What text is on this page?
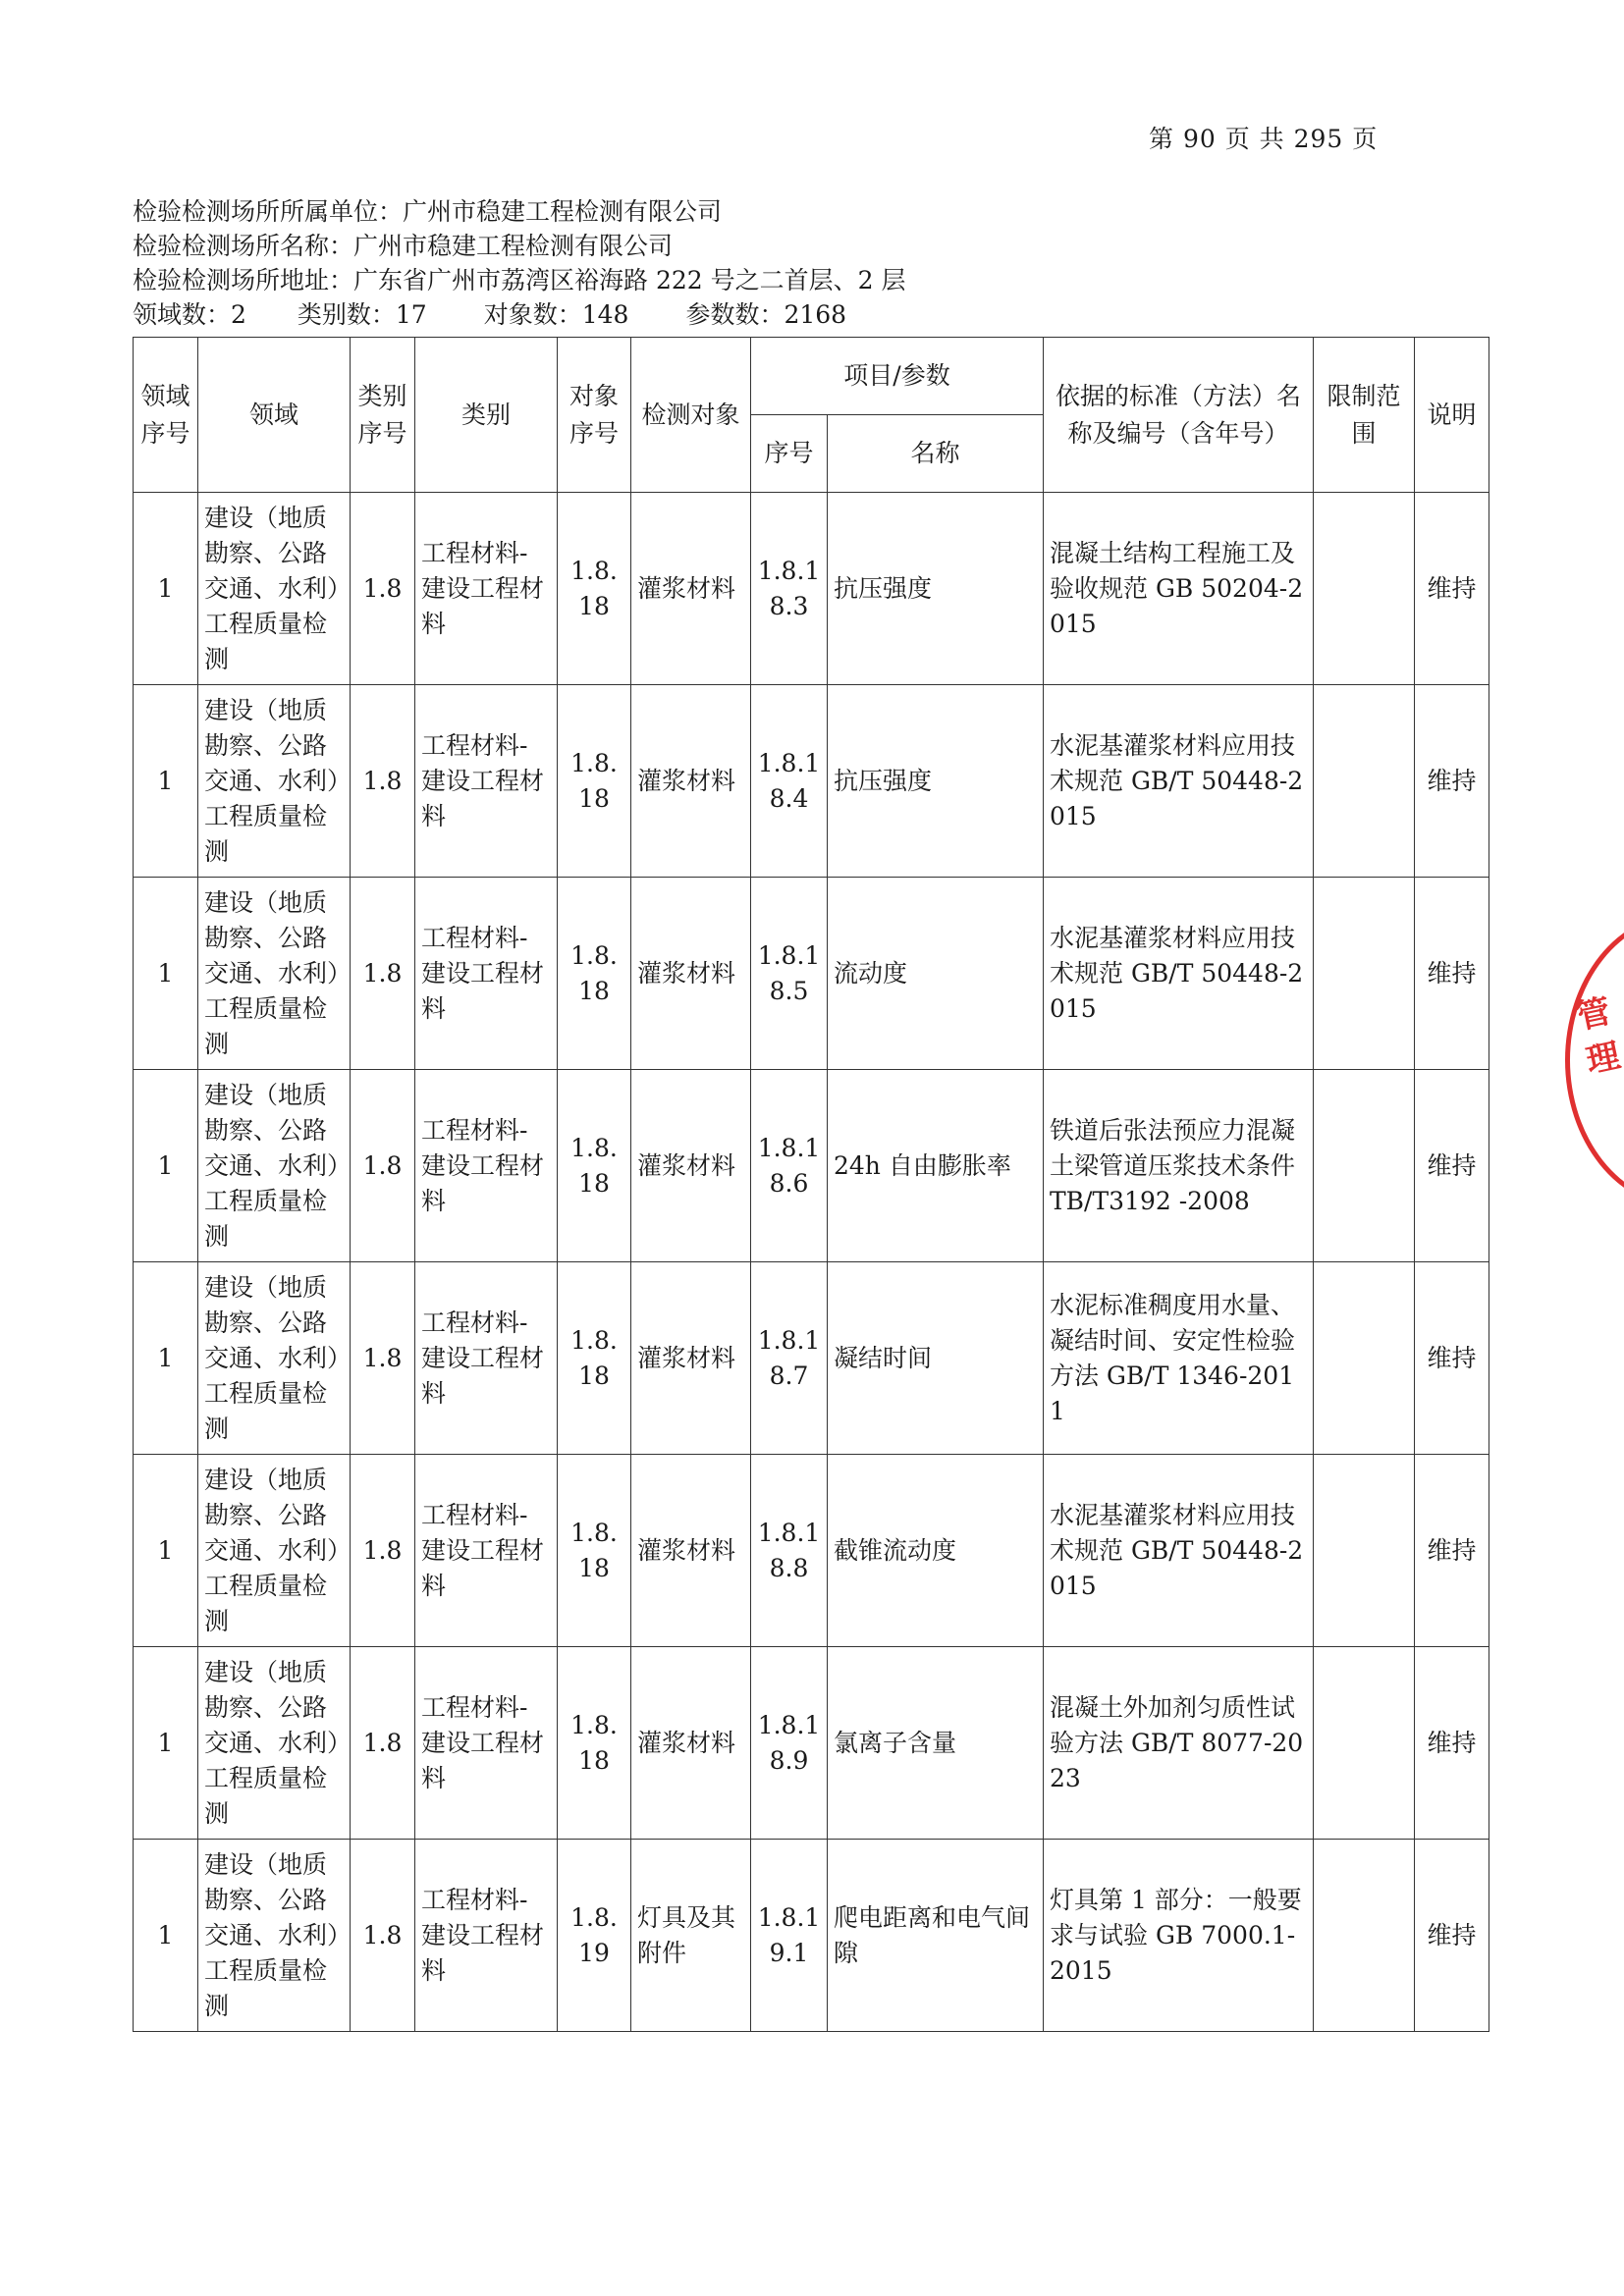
第 90 页 共 295 页
检验检测场所所属单位：广州市稳建工程检测有限公司
检验检测场所名称：广州市稳建工程检测有限公司
检验检测场所地址：广东省广州市荔湾区裕海路 222 号之二首层、2 层
领域数：2 类别数：17 对象数：148 参数数：2168
领域序号	领域	类别序号	类别	对象序号	检测对象	项目/参数		依据的标准（方法）名称及编号（含年号）	限制范围	说明
						序号	名称			
1	建设（地质勘察、公路交通、水利）工程质量检测	1.8	工程材料-建设工程材料	1.8.18	灌浆材料	1.8.18.3	抗压强度	混凝土结构工程施工及验收规范 GB 50204-2015		维持
1	建设（地质勘察、公路交通、水利）工程质量检测	1.8	工程材料-建设工程材料	1.8.18	灌浆材料	1.8.18.4	抗压强度	水泥基灌浆材料应用技术规范 GB/T 50448-2015		维持
1	建设（地质勘察、公路交通、水利）工程质量检测	1.8	工程材料-建设工程材料	1.8.18	灌浆材料	1.8.18.5	流动度	水泥基灌浆材料应用技术规范 GB/T 50448-2015		维持
1	建设（地质勘察、公路交通、水利）工程质量检测	1.8	工程材料-建设工程材料	1.8.18	灌浆材料	1.8.18.6	24h 自由膨胀率	铁道后张法预应力混凝土梁管道压浆技术条件 TB/T3192 -2008		维持
1	建设（地质勘察、公路交通、水利）工程质量检测	1.8	工程材料-建设工程材料	1.8.18	灌浆材料	1.8.18.7	凝结时间	水泥标准稠度用水量、凝结时间、安定性检验方法 GB/T 1346-2011		维持
1	建设（地质勘察、公路交通、水利）工程质量检测	1.8	工程材料-建设工程材料	1.8.18	灌浆材料	1.8.18.8	截锥流动度	水泥基灌浆材料应用技术规范 GB/T 50448-2015		维持
1	建设（地质勘察、公路交通、水利）工程质量检测	1.8	工程材料-建设工程材料	1.8.18	灌浆材料	1.8.18.9	氯离子含量	混凝土外加剂匀质性试验方法 GB/T 8077-2023		维持
1	建设（地质勘察、公路交通、水利）工程质量检测	1.8	工程材料-建设工程材料	1.8.19	灯具及其附件	1.8.19.1	爬电距离和电气间隙	灯具第 1 部分：一般要求与试验 GB 7000.1-2015		维持
管理
